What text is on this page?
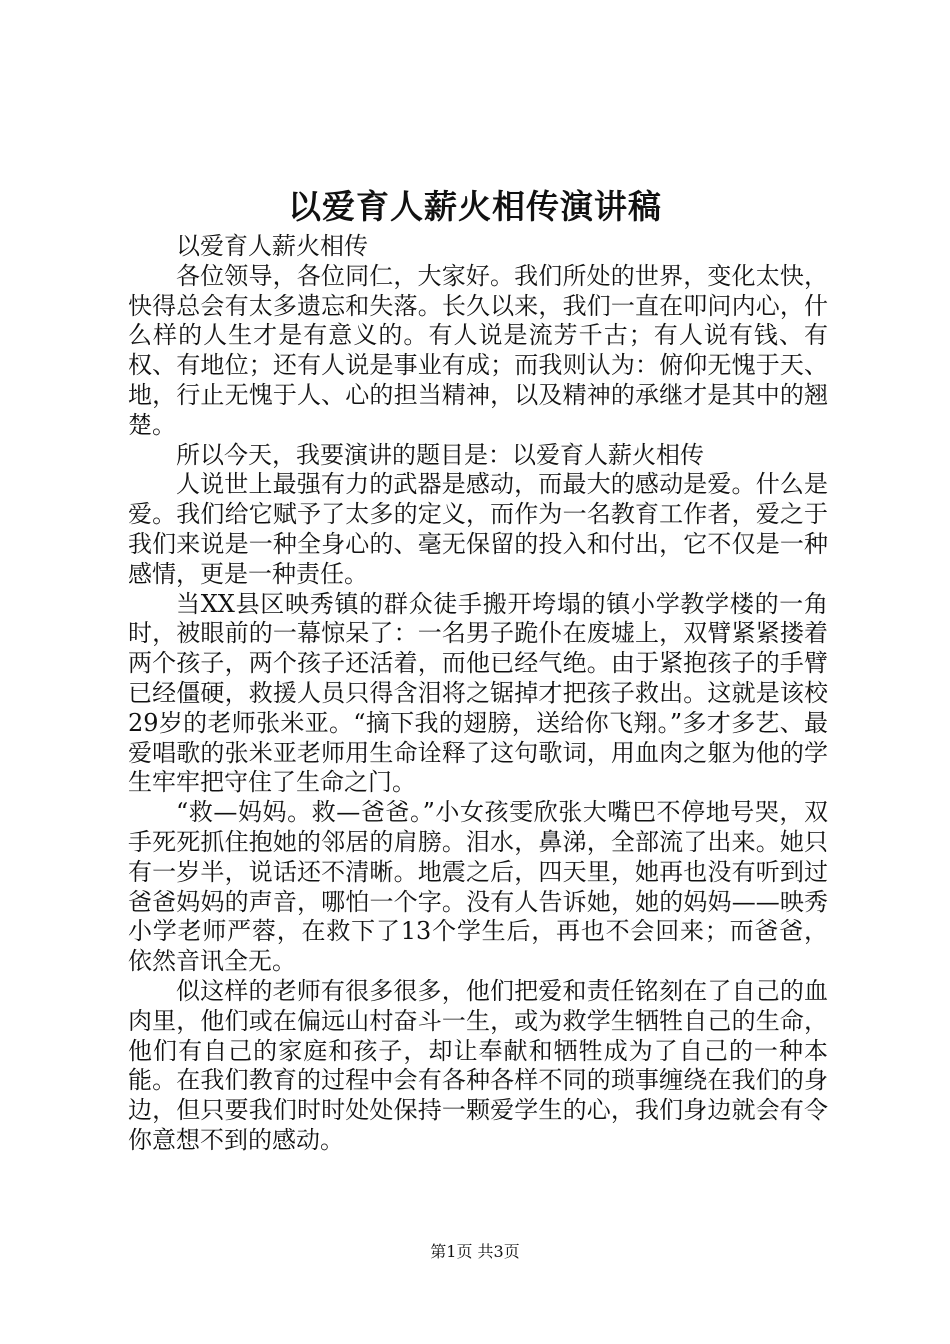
以爱育人薪火相传演讲稿

以爱育人薪火相传

各位领导，各位同仁，大家好。我们所处的世界，变化太快，快得总会有太多遗忘和失落。长久以来，我们一直在叩问内心，什么样的人生才是有意义的。有人说是流芳千古；有人说有钱、有权、有地位；还有人说是事业有成；而我则认为：俯仰无愧于天、地，行止无愧于人、心的担当精神，以及精神的承继才是其中的翘楚。

所以今天，我要演讲的题目是：以爱育人薪火相传

人说世上最强有力的武器是感动，而最大的感动是爱。什么是爱。我们给它赋予了太多的定义，而作为一名教育工作者，爱之于我们来说是一种全身心的、毫无保留的投入和付出，它不仅是一种感情，更是一种责任。

当XX县区映秀镇的群众徒手搬开垮塌的镇小学教学楼的一角时，被眼前的一幕惊呆了：一名男子跪仆在废墟上，双臂紧紧搂着两个孩子，两个孩子还活着，而他已经气绝。由于紧抱孩子的手臂已经僵硬，救援人员只得含泪将之锯掉才把孩子救出。这就是该校29岁的老师张米亚。“摘下我的翅膀，送给你飞翔。”多才多艺、最爱唱歌的张米亚老师用生命诠释了这句歌词，用血肉之躯为他的学生牢牢把守住了生命之门。

“救—妈妈。救—爸爸。”小女孩雯欣张大嘴巴不停地号哭，双手死死抓住抱她的邻居的肩膀。泪水，鼻涕，全部流了出来。她只有一岁半，说话还不清晰。地震之后，四天里，她再也没有听到过爸爸妈妈的声音，哪怕一个字。没有人告诉她，她的妈妈——映秀小学老师严蓉，在救下了13个学生后，再也不会回来；而爸爸，依然音讯全无。

似这样的老师有很多很多，他们把爱和责任铭刻在了自己的血肉里，他们或在偏远山村奋斗一生，或为救学生牺牲自己的生命，他们有自己的家庭和孩子，却让奉献和牺牲成为了自己的一种本能。在我们教育的过程中会有各种各样不同的琐事缠绕在我们的身边，但只要我们时时处处保持一颗爱学生的心，我们身边就会有令你意想不到的感动。

第1页 共3页
